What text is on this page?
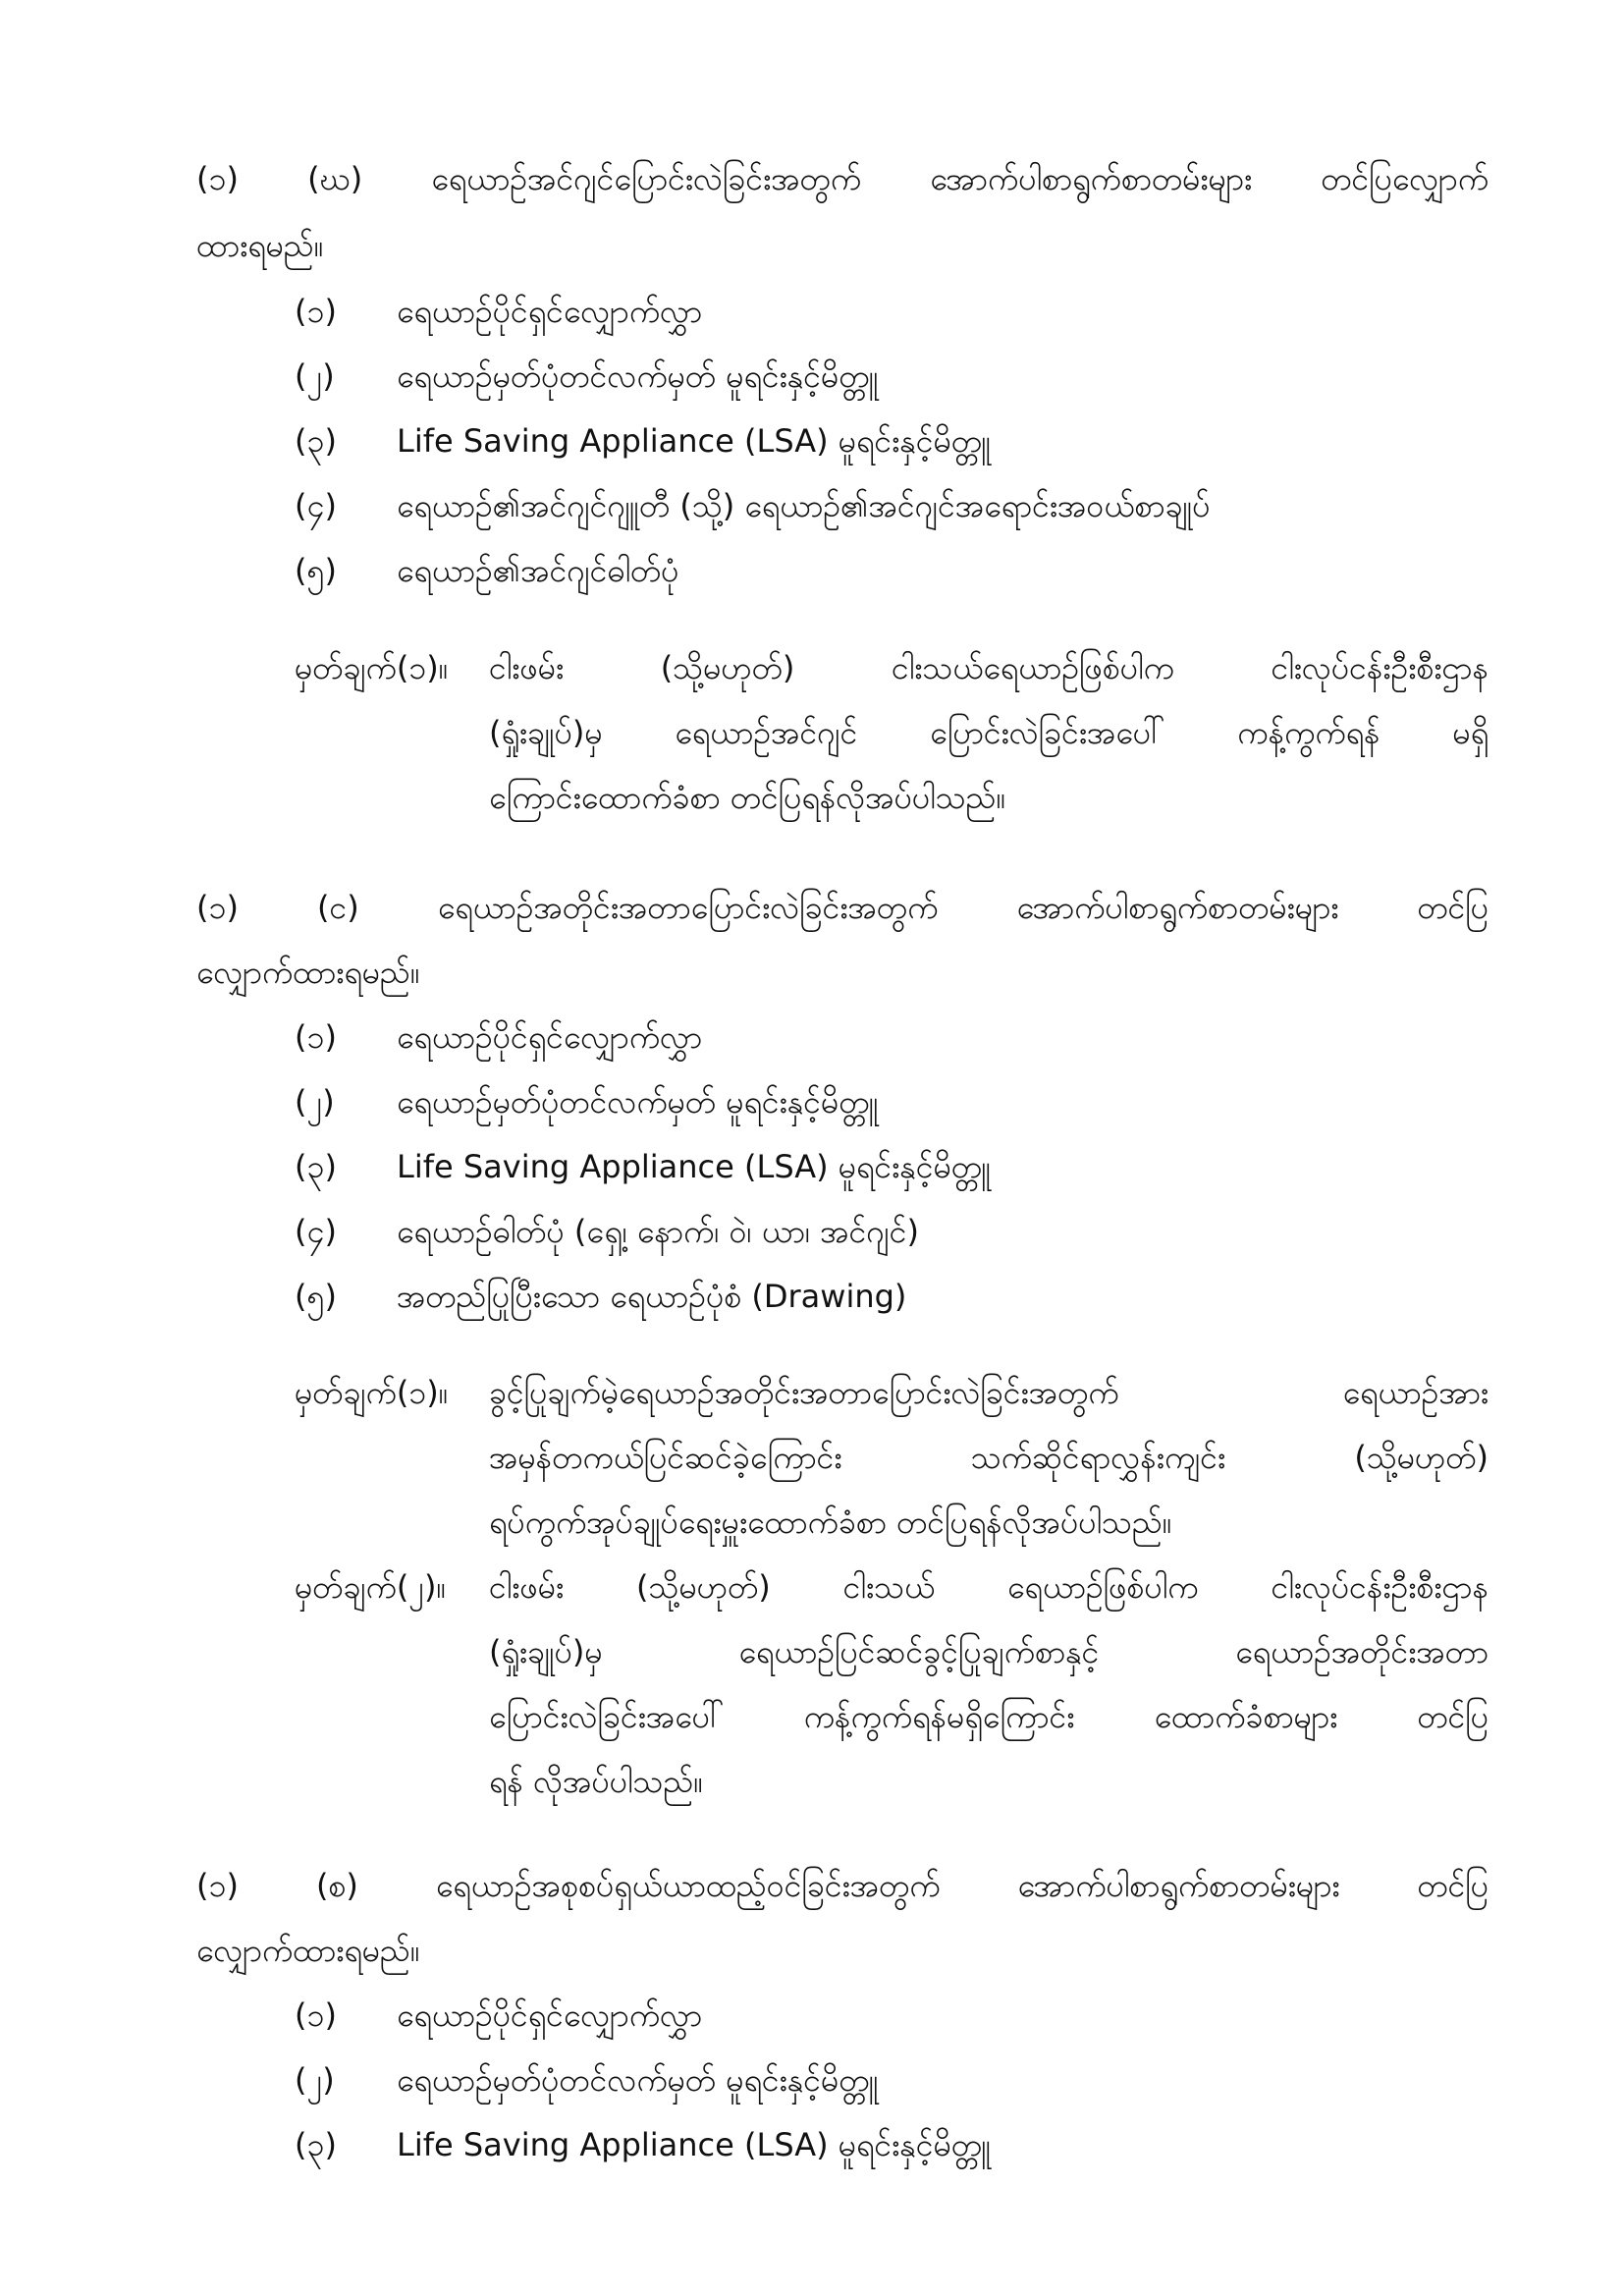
(၁) (ဃ) ရေယာဉ်အင်ဂျင်ပြောင်းလဲခြင်းအတွက် အောက်ပါစာရွက်စာတမ်းများ တင်ပြလျှောက်
ထားရမည်။
(၁) ရေယာဉ်ပိုင်ရှင်လျှောက်လွှာ
(၂) ရေယာဉ်မှတ်ပုံတင်လက်မှတ် မူရင်းနှင့်မိတ္တူ
(၃) Life Saving Appliance (LSA) မူရင်းနှင့်မိတ္တူ
(၄) ရေယာဉ်၏အင်ဂျင်ဂျူတီ (သို့) ရေယာဉ်၏အင်ဂျင်အရောင်းအဝယ်စာချုပ်
(၅) ရေယာဉ်၏အင်ဂျင်ဓါတ်ပုံ
မှတ်ချက်(၁)။ ငါးဖမ်း (သို့မဟုတ်) ငါးသယ်ရေယာဉ်ဖြစ်ပါက ငါးလုပ်ငန်းဦးစီးဌာန
(ရှုံးချုပ်)မှ ရေယာဉ်အင်ဂျင် ပြောင်းလဲခြင်းအပေါ် ကန့်ကွက်ရန် မရှိ
ကြောင်းထောက်ခံစာ တင်ပြရန်လိုအပ်ပါသည်။
(၁) (င) ရေယာဉ်အတိုင်းအတာပြောင်းလဲခြင်းအတွက် အောက်ပါစာရွက်စာတမ်းများ တင်ပြ
လျှောက်ထားရမည်။
(၁) ရေယာဉ်ပိုင်ရှင်လျှောက်လွှာ
(၂) ရေယာဉ်မှတ်ပုံတင်လက်မှတ် မူရင်းနှင့်မိတ္တူ
(၃) Life Saving Appliance (LSA) မူရင်းနှင့်မိတ္တူ
(၄) ရေယာဉ်ဓါတ်ပုံ (ရှေ့၊ နောက်၊ ဝဲ၊ ယာ၊ အင်ဂျင်)
(၅) အတည်ပြုပြီးသော ရေယာဉ်ပုံစံ (Drawing)
မှတ်ချက်(၁)။ ခွင့်ပြုချက်မဲ့ရေယာဉ်အတိုင်းအတာပြောင်းလဲခြင်းအတွက် ရေယာဉ်အား
အမှန်တကယ်ပြင်ဆင်ခဲ့ကြောင်း သက်ဆိုင်ရာလွှန်းကျင်း (သို့မဟုတ်)
ရပ်ကွက်အုပ်ချုပ်ရေးမှူးထောက်ခံစာ တင်ပြရန်လိုအပ်ပါသည်။
မှတ်ချက်(၂)။ ငါးဖမ်း (သို့မဟုတ်) ငါးသယ် ရေယာဉ်ဖြစ်ပါက ငါးလုပ်ငန်းဦးစီးဌာန
(ရှုံးချုပ်)မှ ရေယာဉ်ပြင်ဆင်ခွင့်ပြုချက်စာနှင့် ရေယာဉ်အတိုင်းအတာ
ပြောင်းလဲခြင်းအပေါ် ကန့်ကွက်ရန်မရှိကြောင်း ထောက်ခံစာများ တင်ပြ
ရန် လိုအပ်ပါသည်။
(၁) (စ) ရေယာဉ်အစုစပ်ရှယ်ယာထည့်ဝင်ခြင်းအတွက် အောက်ပါစာရွက်စာတမ်းများ တင်ပြ
လျှောက်ထားရမည်။
(၁) ရေယာဉ်ပိုင်ရှင်လျှောက်လွှာ
(၂) ရေယာဉ်မှတ်ပုံတင်လက်မှတ် မူရင်းနှင့်မိတ္တူ
(၃) Life Saving Appliance (LSA) မူရင်းနှင့်မိတ္တူ
